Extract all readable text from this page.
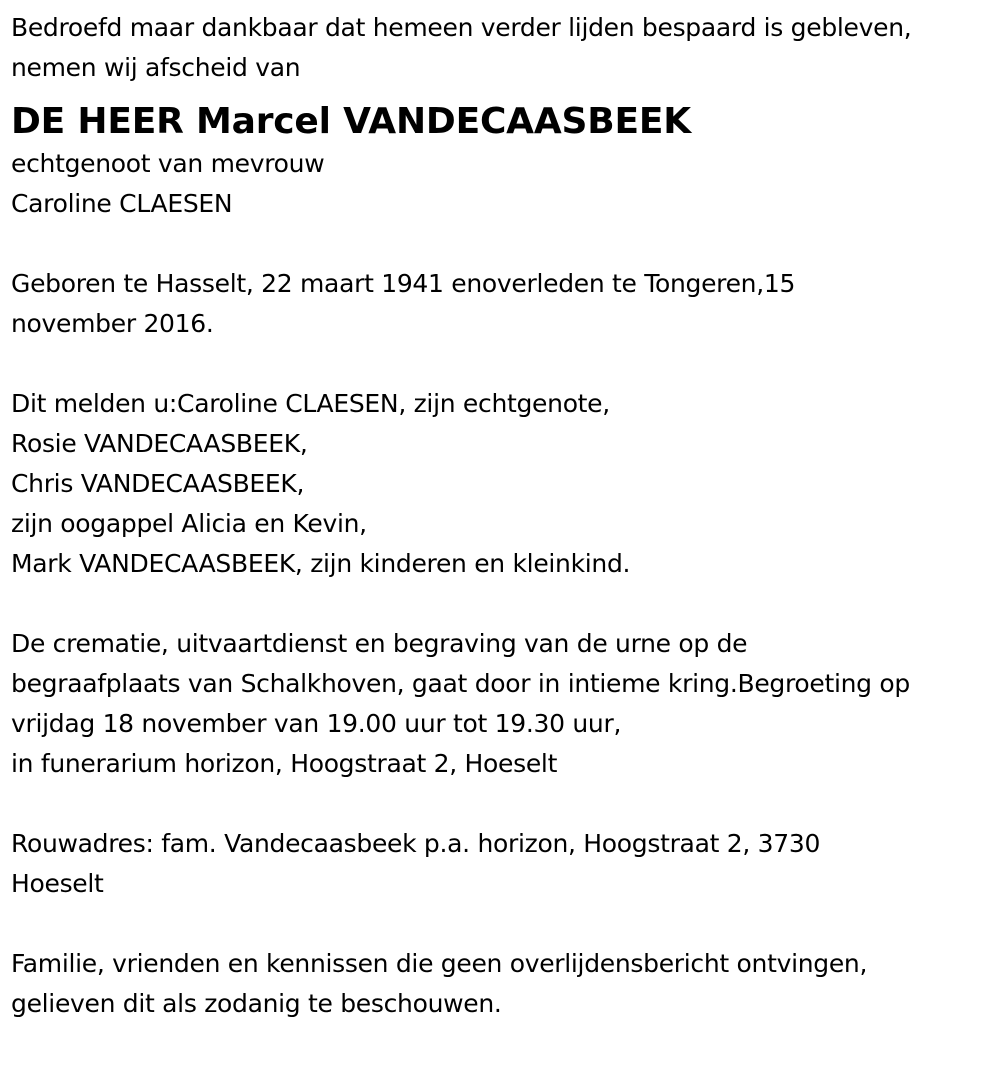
Bedroefd maar dankbaar dat hemeen verder lijden bespaard is gebleven,
nemen wij afscheid van
DE HEER Marcel VANDECAASBEEK
echtgenoot van mevrouw
Caroline CLAESEN
Geboren te Hasselt, 22 maart 1941 enoverleden te Tongeren,15
november 2016.
Dit melden u:Caroline CLAESEN, zijn echtgenote,
Rosie VANDECAASBEEK,
Chris VANDECAASBEEK,
zijn oogappel Alicia en Kevin,
Mark VANDECAASBEEK, zijn kinderen en kleinkind.
De crematie, uitvaartdienst en begraving van de urne op de
begraafplaats van Schalkhoven, gaat door in intieme kring.Begroeting op
vrijdag 18 november van 19.00 uur tot 19.30 uur,
in funerarium horizon, Hoogstraat 2, Hoeselt
Rouwadres: fam. Vandecaasbeek p.a. horizon, Hoogstraat 2, 3730
Hoeselt
Familie, vrienden en kennissen die geen overlijdensbericht ontvingen,
gelieven dit als zodanig te beschouwen.
